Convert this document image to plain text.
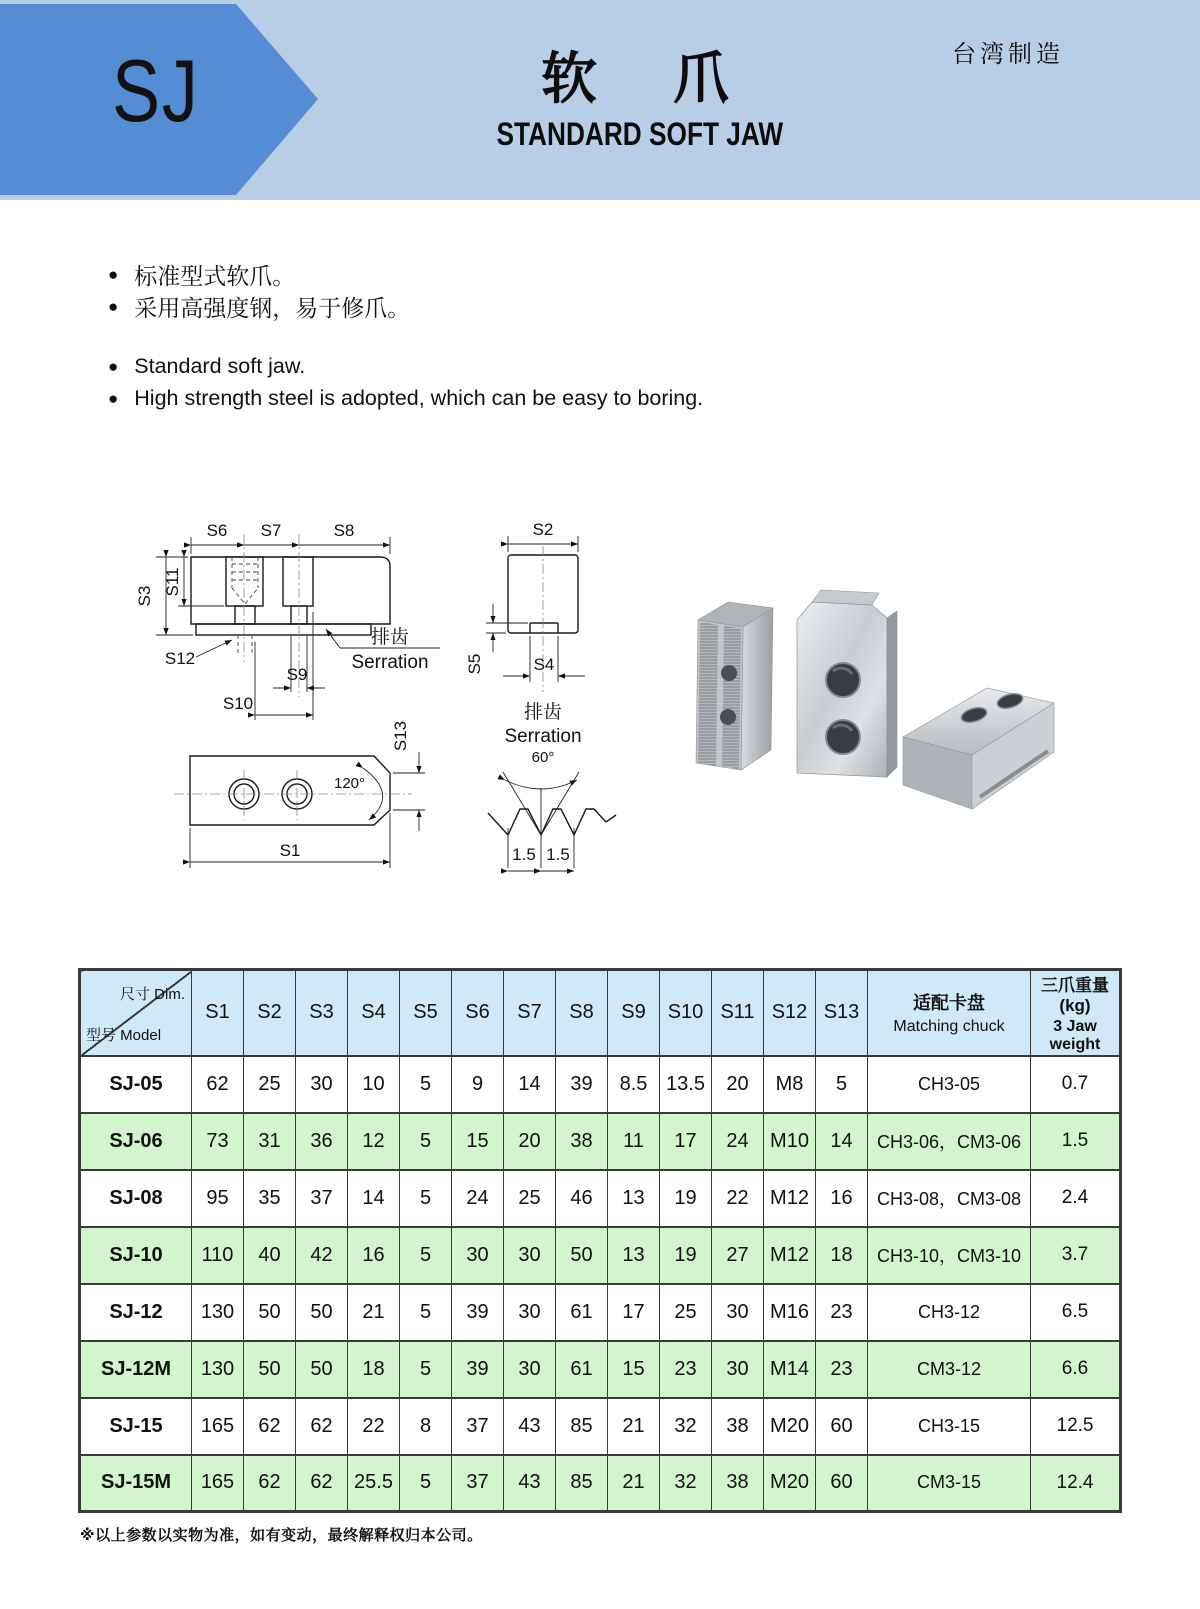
SJ	软　爪
STANDARD SOFT JAW
台湾制造
● 标准型式软爪。
● 采用高强度钢，易于修爪。
● Standard soft jaw.
● High strength steel is adopted, which can be easy to boring.
S6 S7	S8
S3 S11
S12
S9
S10
排齿
Serration
S2
S5	S4
排齿
Serration
60°
1.5 1.5
120°
S13
S1
尺寸 Dim.
型号 Model	S1	S2	S3	S4	S5	S6	S7	S8	S9	S10	S11	S12	S13	适配卡盘
Matching chuck	三爪重量(kg)
3 Jaw weight

SJ-05	62	25	30	10	5	9	14	39	8.5	13.5	20	M8	5	CH3-05	0.7
SJ-06	73	31	36	12	5	15	20	38	11	17	24	M10	14	CH3-06，CM3-06	1.5
SJ-08	95	35	37	14	5	24	25	46	13	19	22	M12	16	CH3-08，CM3-08	2.4
SJ-10	110	40	42	16	5	30	30	50	13	19	27	M12	18	CH3-10，CM3-10	3.7
SJ-12	130	50	50	21	5	39	30	61	17	25	30	M16	23	CH3-12	6.5
SJ-12M	130	50	50	18	5	39	30	61	15	23	30	M14	23	CM3-12	6.6
SJ-15	165	62	62	22	8	37	43	85	21	32	38	M20	60	CH3-15	12.5
SJ-15M	165	62	62	25.5	5	37	43	85	21	32	38	M20	60	CM3-15	12.4
※以上参数以实物为准，如有变动，最终解释权归本公司。
